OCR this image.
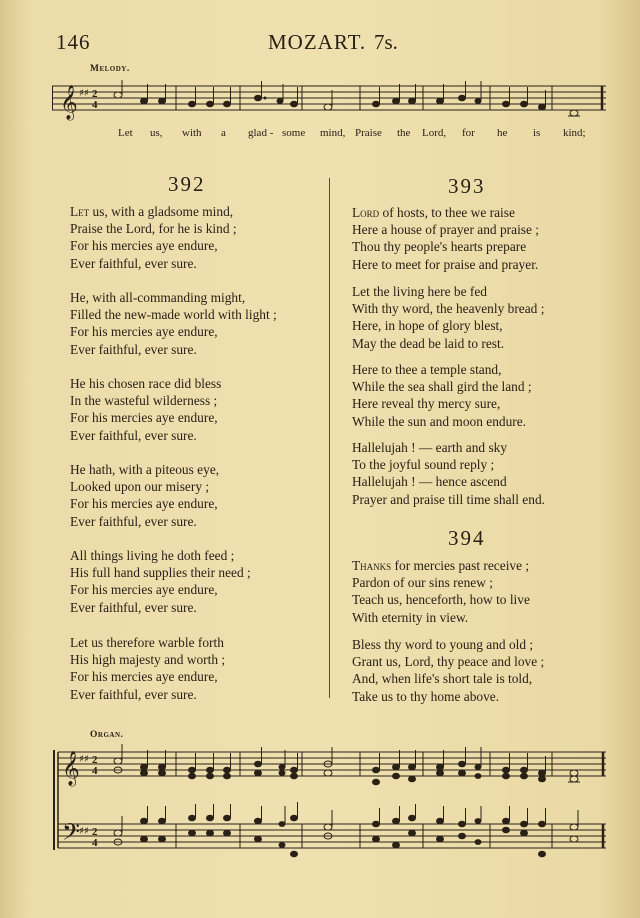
146	MOZART. 7s.
Melody.
𝄞 ♯♯ 2
4
Let us, with a glad - some mind, Praise the Lord, for he is kind;
392
Let us, with a gladsome mind,
Praise the Lord, for he is kind ;
For his mercies aye endure,
Ever faithful, ever sure.
He, with all-commanding might,
Filled the new-made world with light ;
For his mercies aye endure,
Ever faithful, ever sure.
He his chosen race did bless
In the wasteful wilderness ;
For his mercies aye endure,
Ever faithful, ever sure.
He hath, with a piteous eye,
Looked upon our misery ;
For his mercies aye endure,
Ever faithful, ever sure.
All things living he doth feed ;
His full hand supplies their need ;
For his mercies aye endure,
Ever faithful, ever sure.
Let us therefore warble forth
His high majesty and worth ;
For his mercies aye endure,
Ever faithful, ever sure.
393
Lord of hosts, to thee we raise
Here a house of prayer and praise ;
Thou thy people's hearts prepare
Here to meet for praise and prayer.
Let the living here be fed
With thy word, the heavenly bread ;
Here, in hope of glory blest,
May the dead be laid to rest.
Here to thee a temple stand,
While the sea shall gird the land ;
Here reveal thy mercy sure,
While the sun and moon endure.
Hallelujah ! — earth and sky
To the joyful sound reply ;
Hallelujah ! — hence ascend
Prayer and praise till time shall end.
394
Thanks for mercies past receive ;
Pardon of our sins renew ;
Teach us, henceforth, how to live
With eternity in view.
Bless thy word to young and old ;
Grant us, Lord, thy peace and love ;
And, when life's short tale is told,
Take us to thy home above.
Organ.
𝄞
𝄢
♯♯
♯♯
2
4
2
4
